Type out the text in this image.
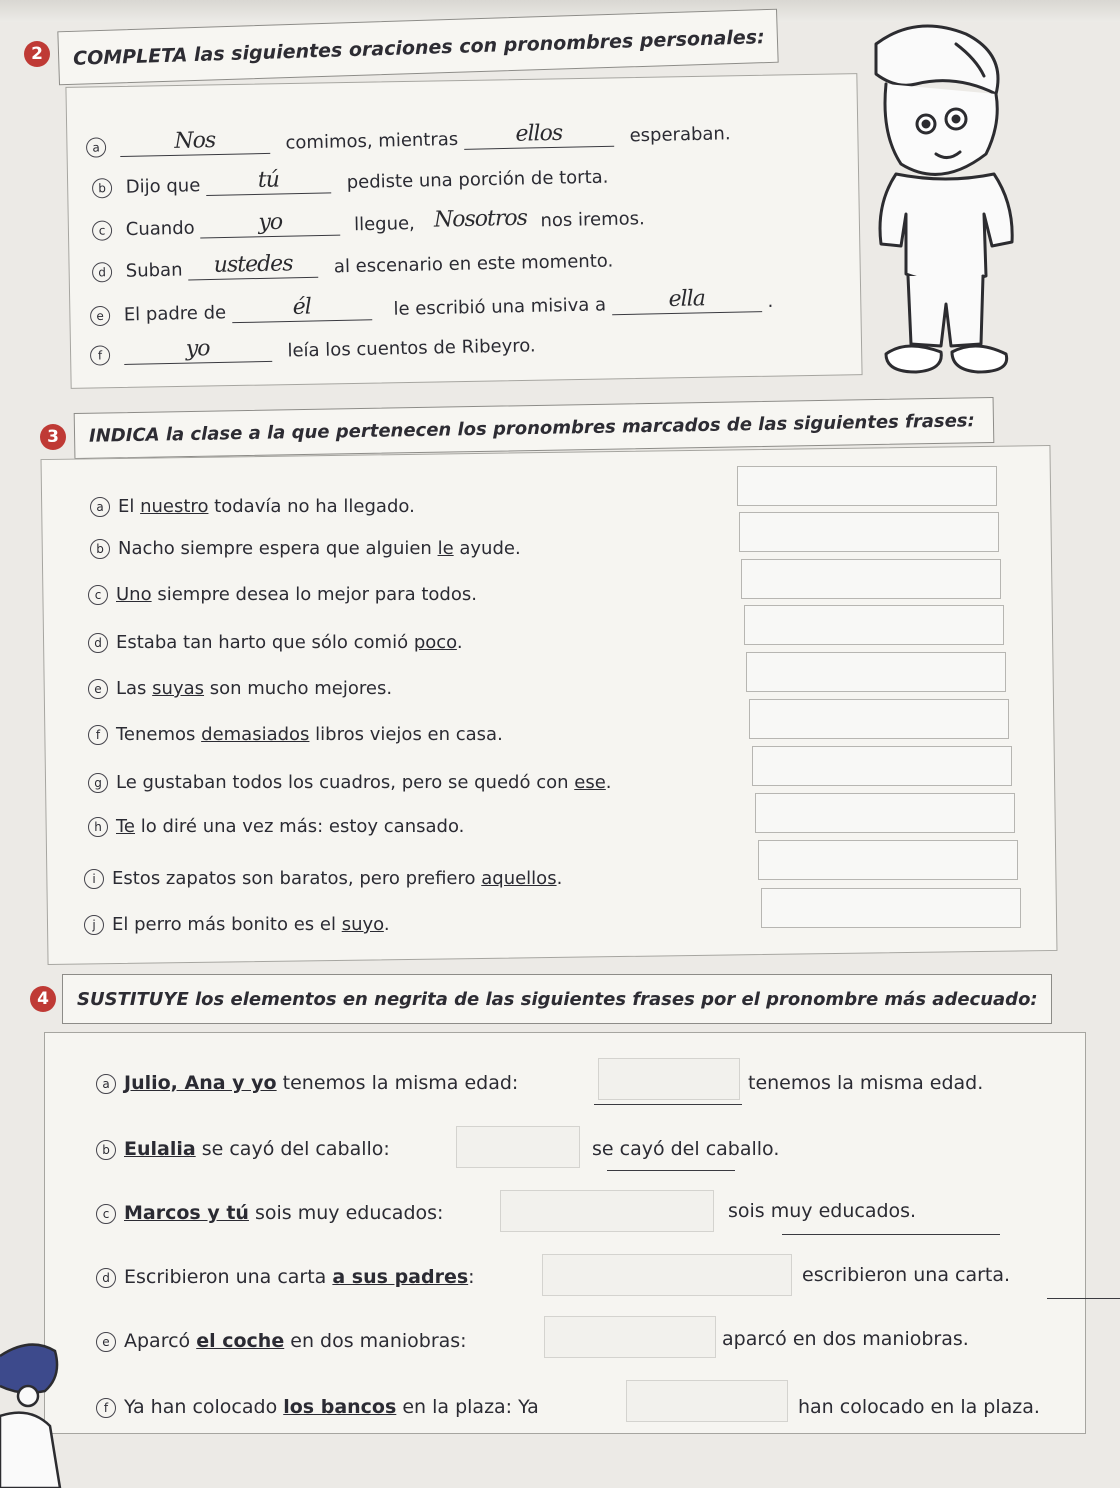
2	COMPLETA las siguientes oraciones con pronombres personales:
a	Nos	comimos, mientras	ellos	esperaban.
b Dijo que	tú	pediste una porción de torta.
c Cuando	yo	llegue, Nosotros nos iremos.
d Suban ustedes al escenario en este momento.
e El padre de	él	le escribió una misiva a	ella	.
f	yo	leía los cuentos de Ribeyro.
3	INDICA la clase a la que pertenecen los pronombres marcados de las siguientes frases:
a El nuestro todavía no ha llegado.
b Nacho siempre espera que alguien le ayude.
c Uno siempre desea lo mejor para todos.
d Estaba tan harto que sólo comió poco.
e Las suyas son mucho mejores.
f Tenemos demasiados libros viejos en casa.
g Le gustaban todos los cuadros, pero se quedó con ese.
h Te lo diré una vez más: estoy cansado.
i Estos zapatos son baratos, pero prefiero aquellos.
j El perro más bonito es el suyo.
4	SUSTITUYE los elementos en negrita de las siguientes frases por el pronombre más adecuado:
a Julio, Ana y yo tenemos la misma edad:
	tenemos la misma edad.
b Eulalia se cayó del caballo:
	se cayó del caballo.
c Marcos y tú sois muy educados:
	sois muy educados.
d Escribieron una carta a sus padres:
	escribieron una carta.
e Aparcó el coche en dos maniobras:
	aparcó en dos maniobras.
f Ya han colocado los bancos en la plaza: Ya	han colocado en la plaza.
